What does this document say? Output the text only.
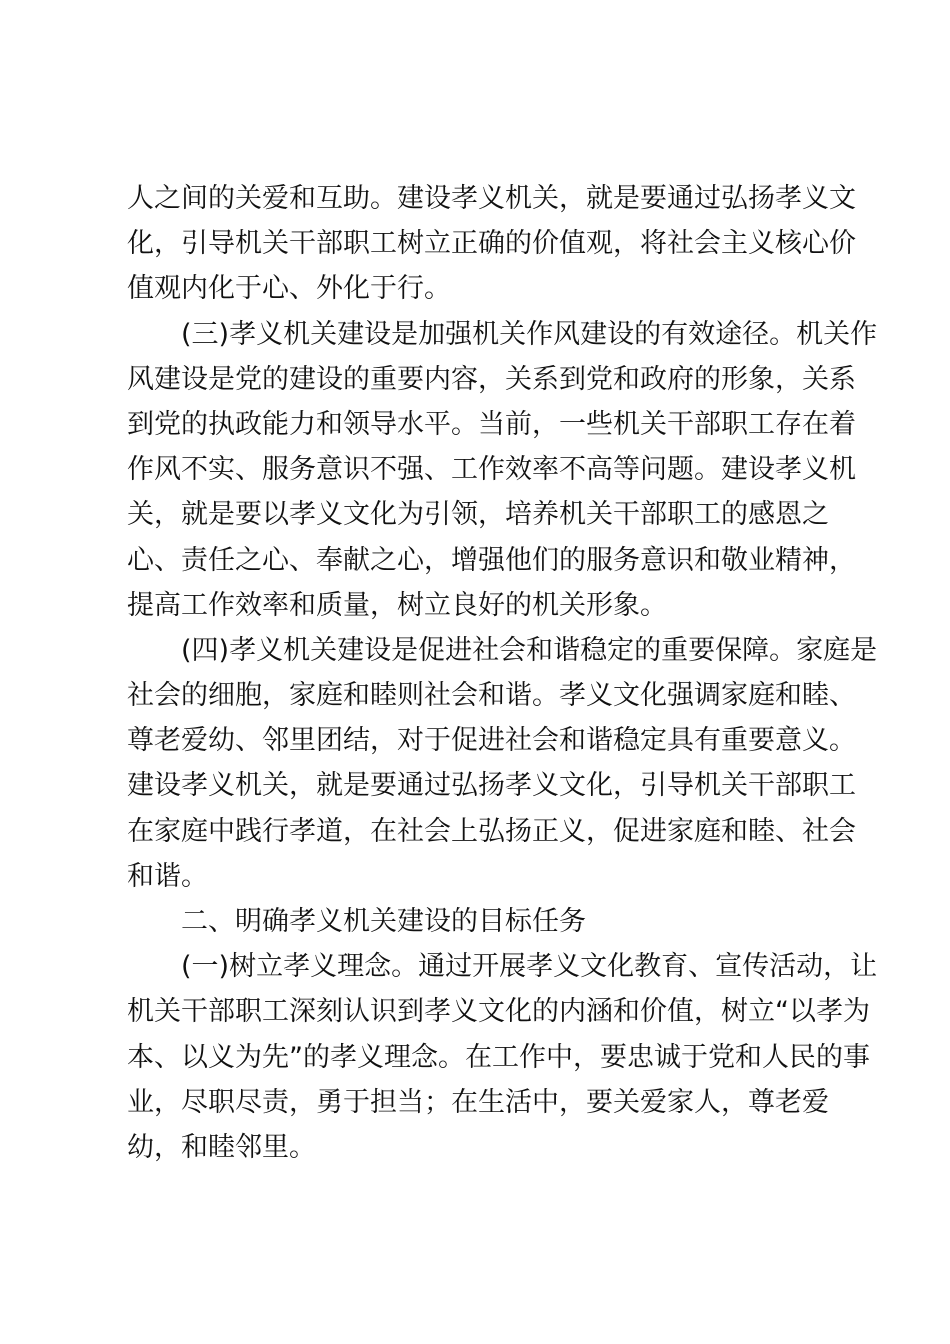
人之间的关爱和互助。建设孝义机关，就是要通过弘扬孝义文
化，引导机关干部职工树立正确的价值观，将社会主义核心价
值观内化于心、外化于行。
(三)孝义机关建设是加强机关作风建设的有效途径。机关作
风建设是党的建设的重要内容，关系到党和政府的形象，关系
到党的执政能力和领导水平。当前，一些机关干部职工存在着
作风不实、服务意识不强、工作效率不高等问题。建设孝义机
关，就是要以孝义文化为引领，培养机关干部职工的感恩之
心、责任之心、奉献之心，增强他们的服务意识和敬业精神，
提高工作效率和质量，树立良好的机关形象。
(四)孝义机关建设是促进社会和谐稳定的重要保障。家庭是
社会的细胞，家庭和睦则社会和谐。孝义文化强调家庭和睦、
尊老爱幼、邻里团结，对于促进社会和谐稳定具有重要意义。
建设孝义机关，就是要通过弘扬孝义文化，引导机关干部职工
在家庭中践行孝道，在社会上弘扬正义，促进家庭和睦、社会
和谐。
二、明确孝义机关建设的目标任务
(一)树立孝义理念。通过开展孝义文化教育、宣传活动，让
机关干部职工深刻认识到孝义文化的内涵和价值，树立“以孝为
本、以义为先”的孝义理念。在工作中，要忠诚于党和人民的事
业，尽职尽责，勇于担当；在生活中，要关爱家人，尊老爱
幼，和睦邻里。
